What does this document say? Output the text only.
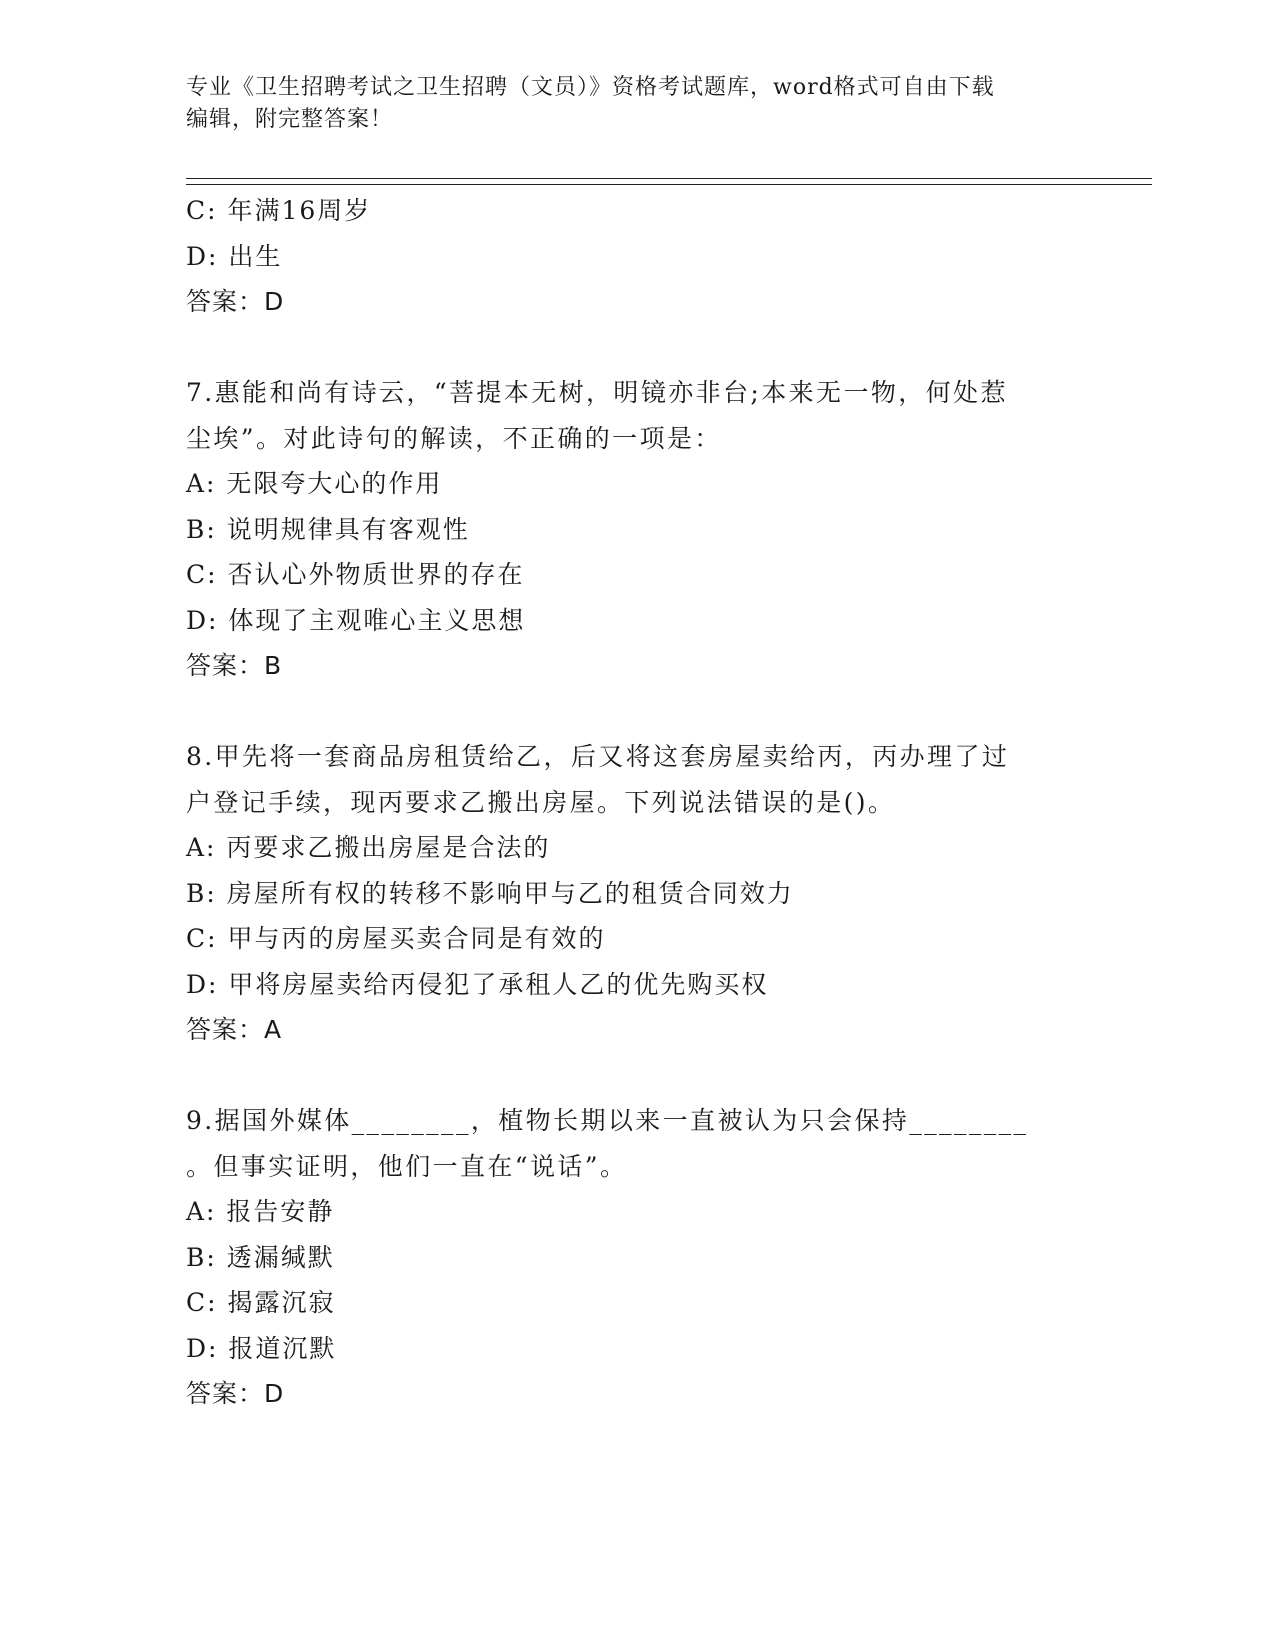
专业《卫生招聘考试之卫生招聘（文员）》资格考试题库，word格式可自由下载
编辑，附完整答案！
C: 年满16周岁
D: 出生
答案：D
7.惠能和尚有诗云，“菩提本无树，明镜亦非台;本来无一物，何处惹
尘埃”。对此诗句的解读，不正确的一项是：
A: 无限夸大心的作用
B: 说明规律具有客观性
C: 否认心外物质世界的存在
D: 体现了主观唯心主义思想
答案：B
8.甲先将一套商品房租赁给乙，后又将这套房屋卖给丙，丙办理了过
户登记手续，现丙要求乙搬出房屋。下列说法错误的是()。
A: 丙要求乙搬出房屋是合法的
B: 房屋所有权的转移不影响甲与乙的租赁合同效力
C: 甲与丙的房屋买卖合同是有效的
D: 甲将房屋卖给丙侵犯了承租人乙的优先购买权
答案：A
9.据国外媒体________，植物长期以来一直被认为只会保持________
。但事实证明，他们一直在“说话”。
A: 报告安静
B: 透漏缄默
C: 揭露沉寂
D: 报道沉默
答案：D
